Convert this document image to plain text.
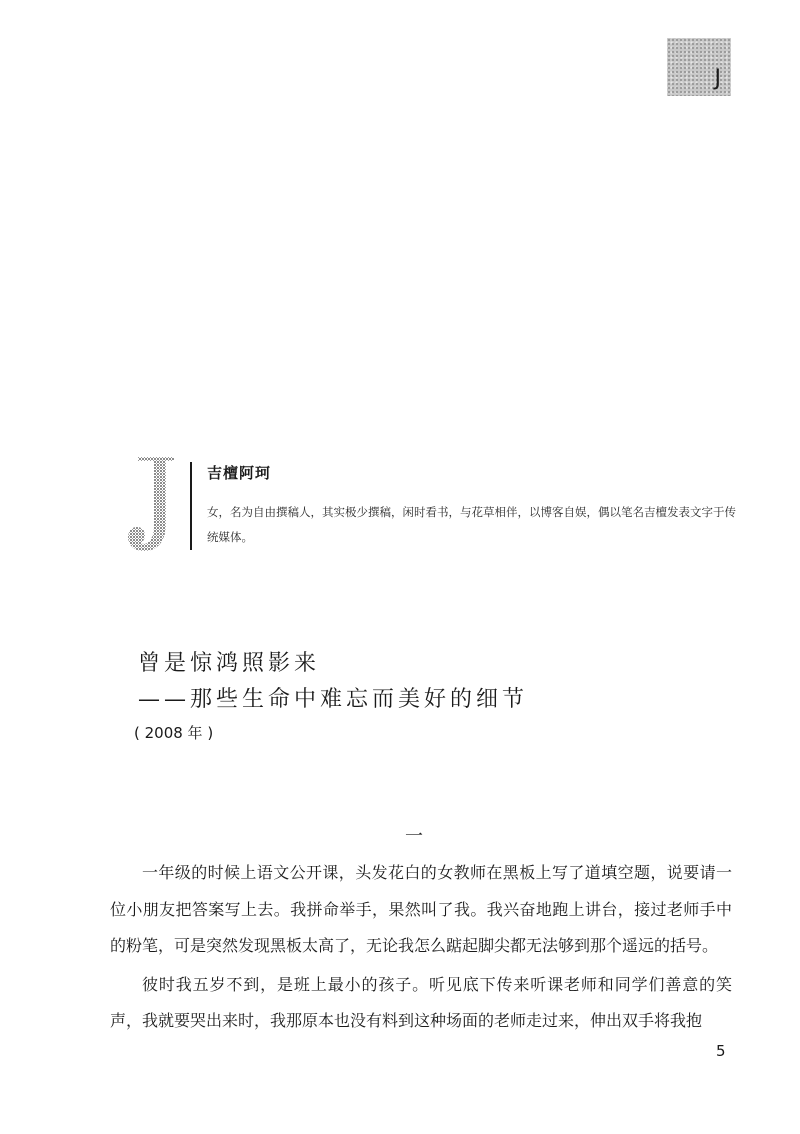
J
吉檀阿珂
女，名为自由撰稿人，其实极少撰稿，闲时看书，与花草相伴，以博客自娱，偶以笔名吉檀发表文字于传统媒体。
曾是惊鸿照影来
——那些生命中难忘而美好的细节
( 2008 年 )
一

一年级的时候上语文公开课，头发花白的女教师在黑板上写了道填空题，说要请一位小朋友把答案写上去。我拼命举手，果然叫了我。我兴奋地跑上讲台，接过老师手中的粉笔，可是突然发现黑板太高了，无论我怎么踮起脚尖都无法够到那个遥远的括号。

彼时我五岁不到，是班上最小的孩子。听见底下传来听课老师和同学们善意的笑声，我就要哭出来时，我那原本也没有料到这种场面的老师走过来，伸出双手将我抱

5
